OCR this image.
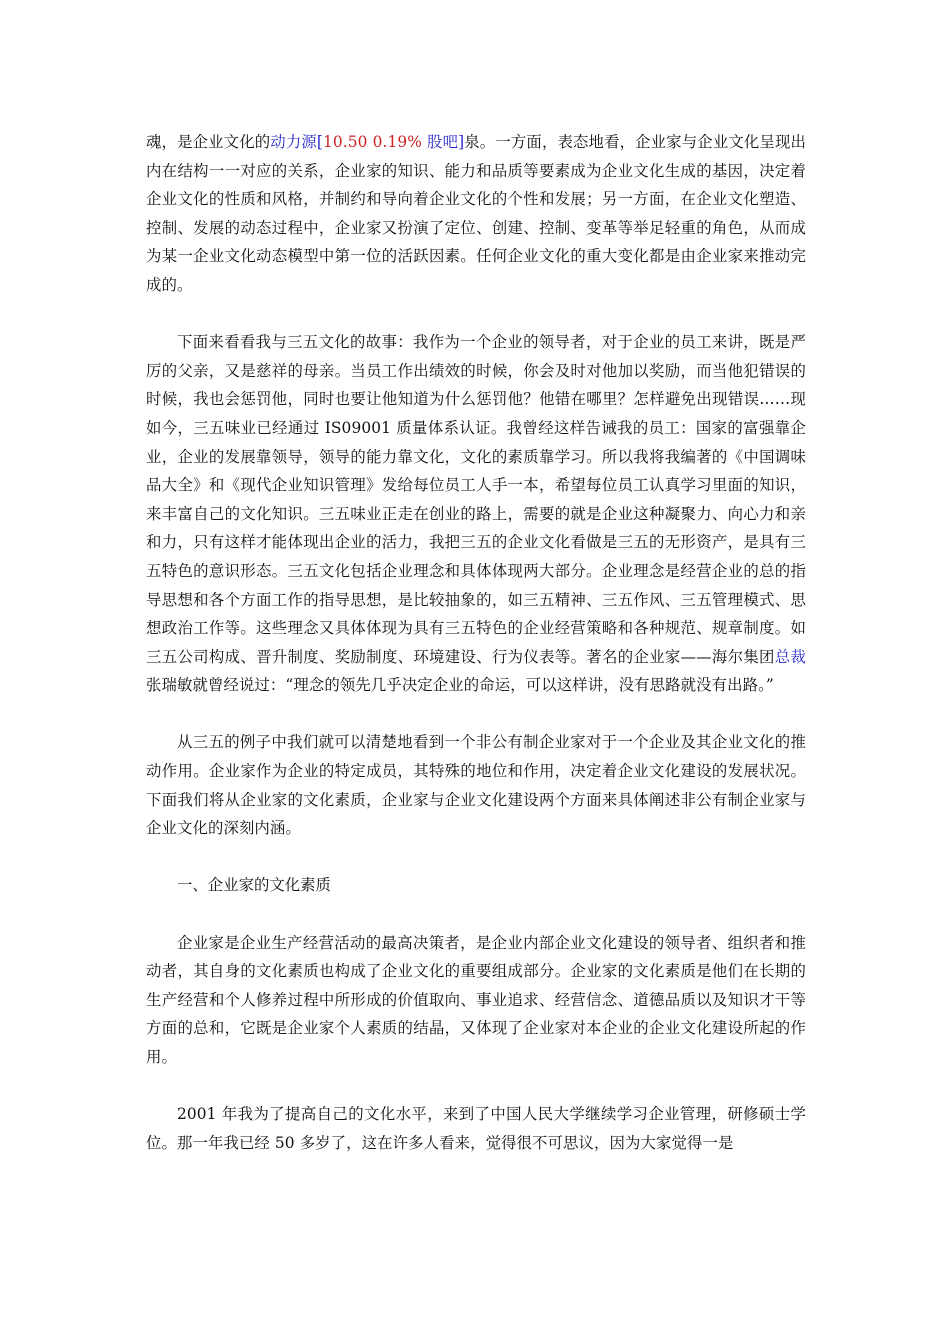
魂，是企业文化的动力源[10.50 0.19% 股吧]泉。一方面，表态地看，企业家与企业文化呈现出内在结构一一对应的关系，企业家的知识、能力和品质等要素成为企业文化生成的基因，决定着企业文化的性质和风格，并制约和导向着企业文化的个性和发展；另一方面，在企业文化塑造、控制、发展的动态过程中，企业家又扮演了定位、创建、控制、变革等举足轻重的角色，从而成为某一企业文化动态模型中第一位的活跃因素。任何企业文化的重大变化都是由企业家来推动完成的。

下面来看看我与三五文化的故事：我作为一个企业的领导者，对于企业的员工来讲，既是严厉的父亲，又是慈祥的母亲。当员工作出绩效的时候，你会及时对他加以奖励，而当他犯错误的时候，我也会惩罚他，同时也要让他知道为什么惩罚他？他错在哪里？怎样避免出现错误……现如今，三五味业已经通过 IS09001 质量体系认证。我曾经这样告诫我的员工：国家的富强靠企业，企业的发展靠领导，领导的能力靠文化，文化的素质靠学习。所以我将我编著的《中国调味品大全》和《现代企业知识管理》发给每位员工人手一本，希望每位员工认真学习里面的知识，来丰富自己的文化知识。三五味业正走在创业的路上，需要的就是企业这种凝聚力、向心力和亲和力，只有这样才能体现出企业的活力，我把三五的企业文化看做是三五的无形资产，是具有三五特色的意识形态。三五文化包括企业理念和具体体现两大部分。企业理念是经营企业的总的指导思想和各个方面工作的指导思想，是比较抽象的，如三五精神、三五作风、三五管理模式、思想政治工作等。这些理念又具体体现为具有三五特色的企业经营策略和各种规范、规章制度。如三五公司构成、晋升制度、奖励制度、环境建设、行为仪表等。著名的企业家——海尔集团总裁张瑞敏就曾经说过：“理念的领先几乎决定企业的命运，可以这样讲，没有思路就没有出路。”

从三五的例子中我们就可以清楚地看到一个非公有制企业家对于一个企业及其企业文化的推动作用。企业家作为企业的特定成员，其特殊的地位和作用，决定着企业文化建设的发展状况。下面我们将从企业家的文化素质，企业家与企业文化建设两个方面来具体阐述非公有制企业家与企业文化的深刻内涵。

一、企业家的文化素质

企业家是企业生产经营活动的最高决策者，是企业内部企业文化建设的领导者、组织者和推动者，其自身的文化素质也构成了企业文化的重要组成部分。企业家的文化素质是他们在长期的生产经营和个人修养过程中所形成的价值取向、事业追求、经营信念、道德品质以及知识才干等方面的总和，它既是企业家个人素质的结晶，又体现了企业家对本企业的企业文化建设所起的作用。

2001 年我为了提高自己的文化水平，来到了中国人民大学继续学习企业管理，研修硕士学位。那一年我已经 50 多岁了，这在许多人看来，觉得很不可思议，因为大家觉得一是
